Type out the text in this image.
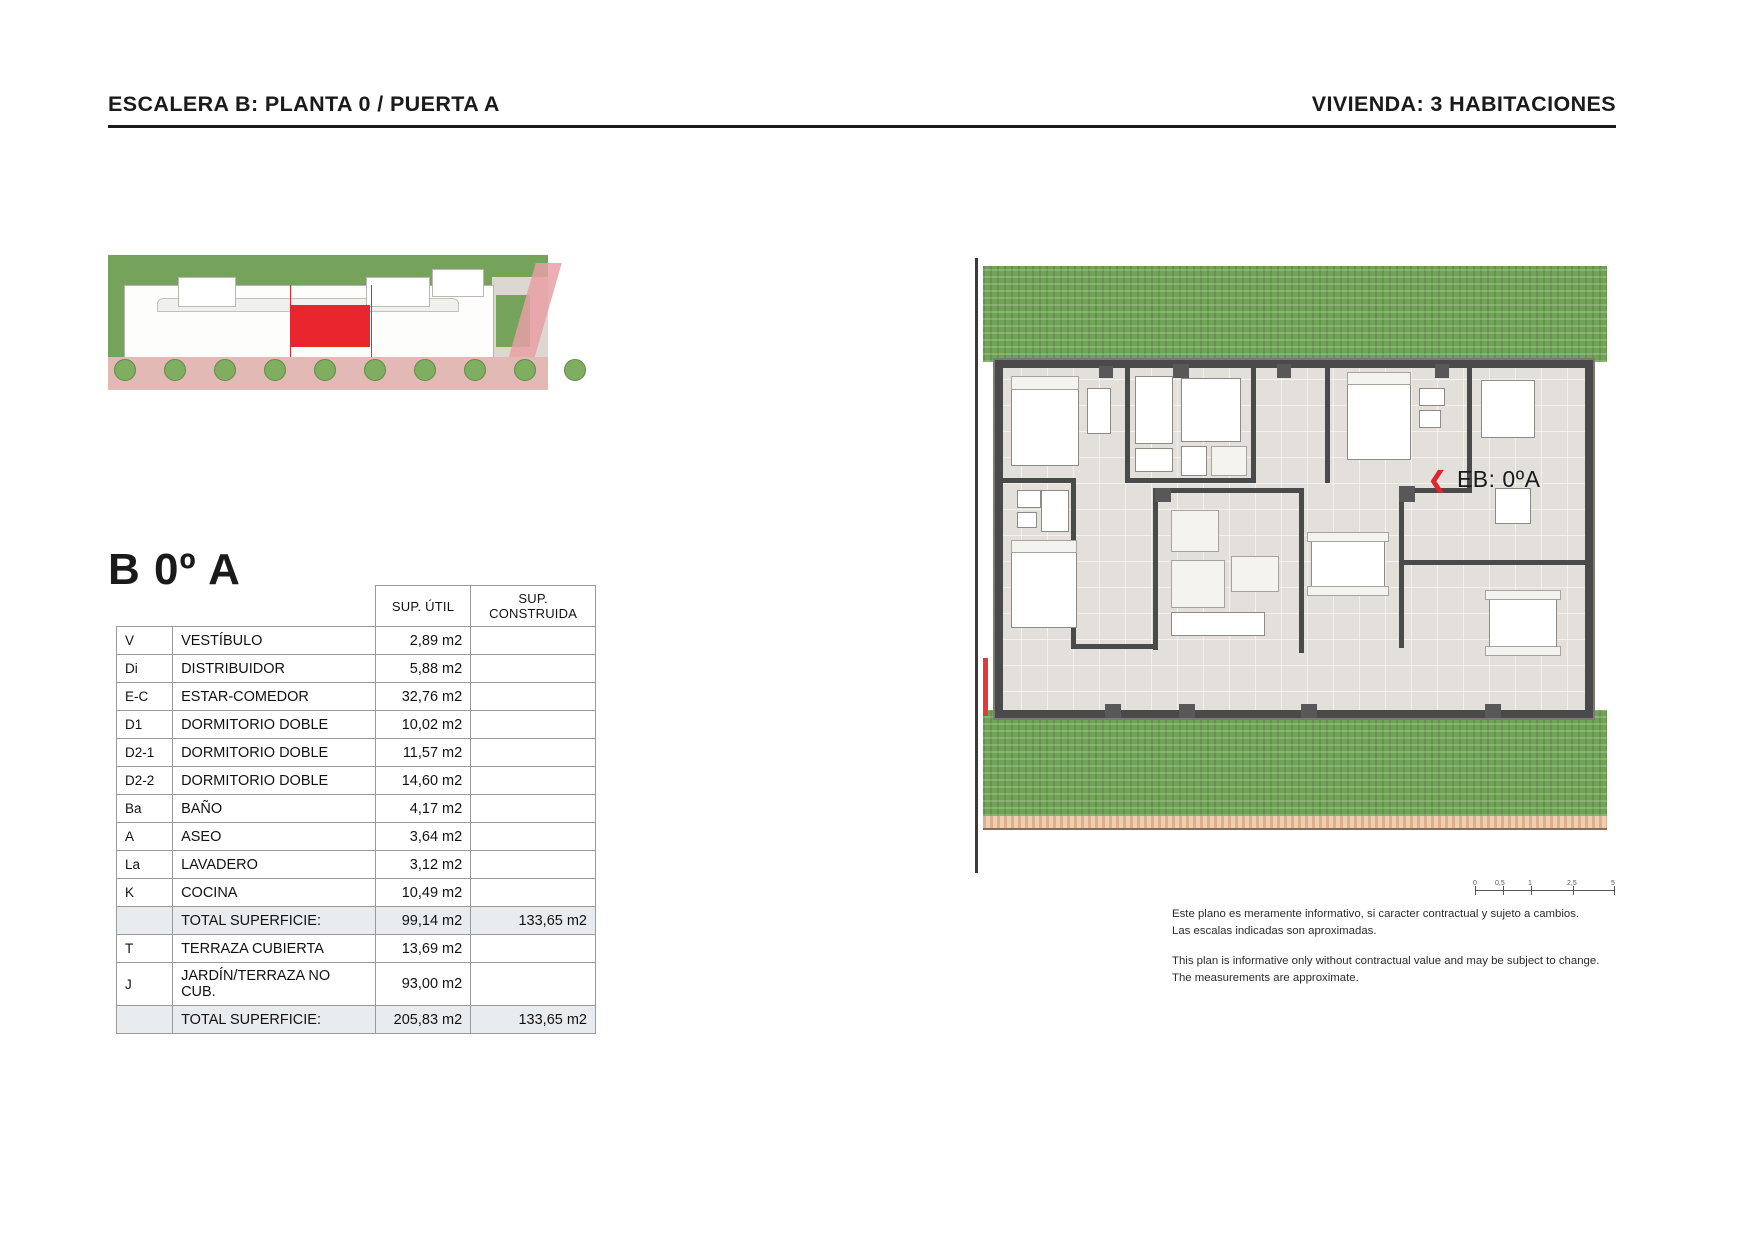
ESCALERA B: PLANTA 0 / PUERTA A	VIVIENDA: 3 HABITACIONES
B 0º A
		SUP. ÚTIL	SUP. CONSTRUIDA
V	VESTÍBULO	2,89 m2	
Di	DISTRIBUIDOR	5,88 m2	
E-C	ESTAR-COMEDOR	32,76 m2	
D1	DORMITORIO DOBLE	10,02 m2	
D2-1	DORMITORIO DOBLE	11,57 m2	
D2-2	DORMITORIO DOBLE	14,60 m2	
Ba	BAÑO	4,17 m2	
A	ASEO	3,64 m2	
La	LAVADERO	3,12 m2	
K	COCINA	10,49 m2	
	TOTAL SUPERFICIE:	99,14 m2	133,65 m2
T	TERRAZA CUBIERTA	13,69 m2	
J	JARDÍN/TERRAZA NO CUB.	93,00 m2	
	TOTAL SUPERFICIE:	205,83 m2	133,65 m2
❮ EB: 0ºA
0	0,5	1	2,5	5

Este plano es meramente informativo, si caracter contractual y sujeto a cambios.

Las escalas indicadas son aproximadas.

This plan is informative only without contractual value and may be subject to change.

The measurements are approximate.
